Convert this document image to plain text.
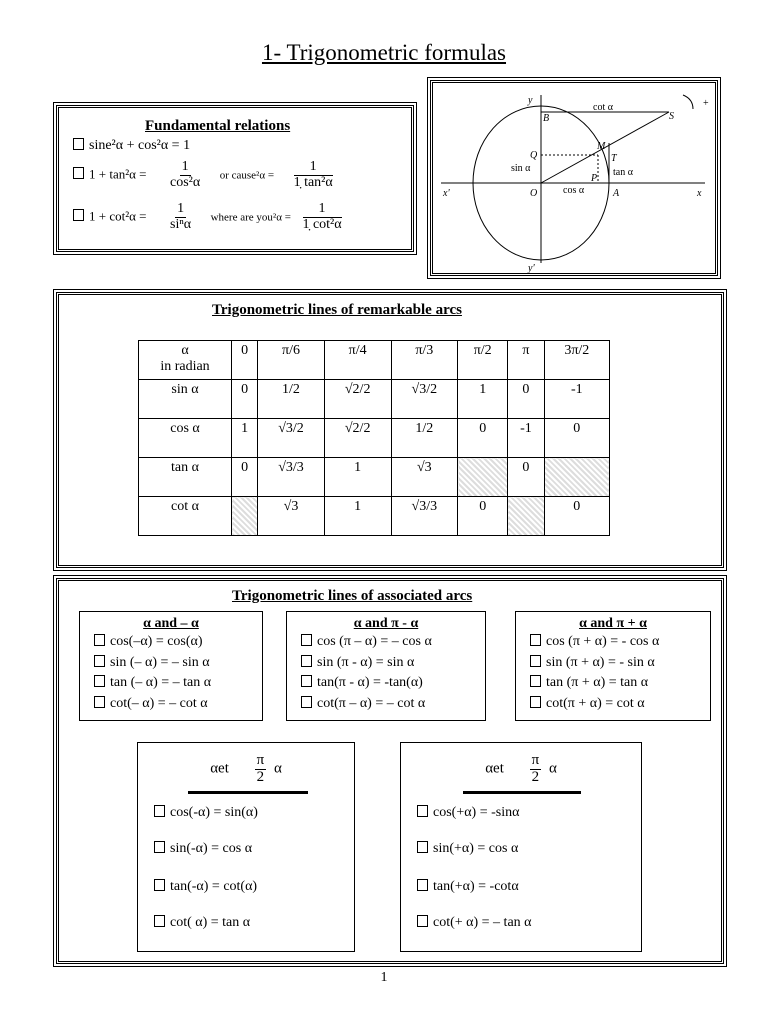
1- Trigonometric formulas
Fundamental relations
sine²α + cos²α = 1
$1 + \tan^2\alpha = \frac{1}{\text{cos²α}}$ or cause²α = $\frac{1}{\text{1̣ tan²α}}$
$1 + \cot^2\alpha = \frac{1}{\text{siⁿα}}$ where are $you^2\alpha = \frac{1}{\text{1̣ cot²α}}$
y
y'
x
x'
B	S
M
T
Q
P
O	A
+
cot α
sin α	tan α
cos α
Trigonometric lines of remarkable arcs
α
in radian	0	π/6	π/4	π/3	π/2	π	3π/2
sin α	0	1/2	√2/2	√3/2	1	0	-1
cos α	1	√3/2	√2/2	1/2	0	-1	0
tan α	0	√3/3	1	√3		0	
cot α		√3	1	√3/3	0		0
Trigonometric lines of associated arcs
α and – α
cos(–α) = cos(α)
sin (– α) = – sin α
tan (– α) = – tan α
cot(– α) = – cot α
α and π - α
cos (π – α) = – cos α
sin (π - α) = sin α
tan(π - α) = -tan(α)
cot(π – α) = – cot α
α and π + α
cos (π + α) = - cos α
sin (π + α) = - sin α
tan (π + α) = tan α
cot(π + α) = cot α
αet $\frac{\pi}{2}$ α
cos(-α) = sin(α)
sin(-α) = cos α
tan(-α) = cot(α)
cot( α) = tan α
αet $\frac{\pi}{2}$ α
cos(+α) = -sinα
sin(+α) = cos α
tan(+α) = -cotα
cot(+ α) = – tan α
1
